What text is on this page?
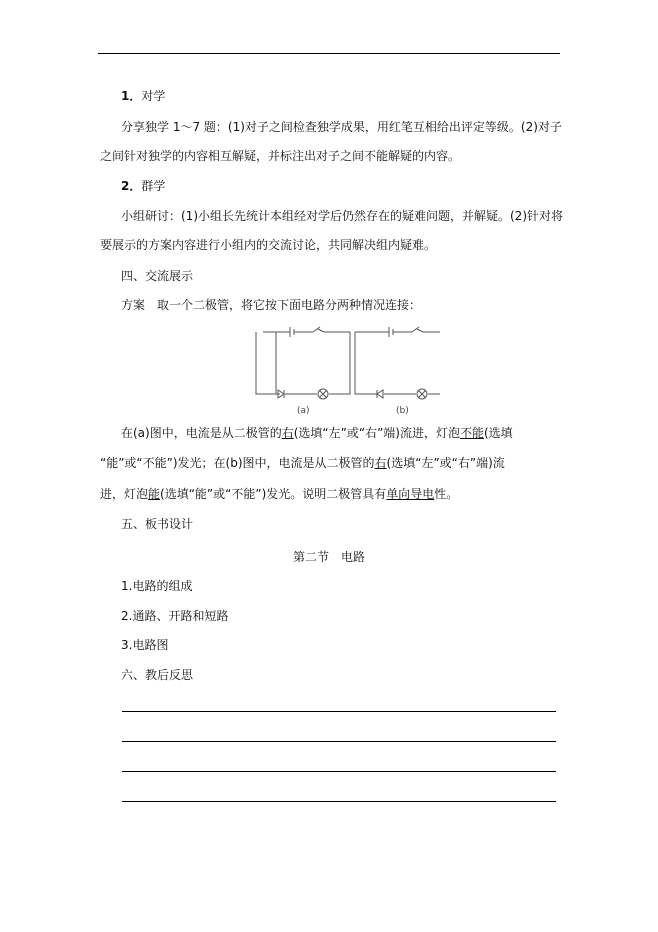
1．对学
分享独学 1～7 题：(1)对子之间检查独学成果，用红笔互相给出评定等级。(2)对子
之间针对独学的内容相互解疑，并标注出对子之间不能解疑的内容。
2．群学
小组研讨：(1)小组长先统计本组经对学后仍然存在的疑难问题，并解疑。(2)针对将
要展示的方案内容进行小组内的交流讨论，共同解决组内疑难。
四、交流展示
方案　取一个二极管，将它按下面电路分两种情况连接：
(a)	(b)
在(a)图中，电流是从二极管的右(选填“左”或“右”端)流进，灯泡不能(选填
“能”或“不能”)发光；在(b)图中，电流是从二极管的右(选填“左”或“右”端)流
进，灯泡能(选填“能”或“不能”)发光。说明二极管具有单向导电性。
五、板书设计
第二节　电路
1.电路的组成
2.通路、开路和短路
3.电路图
六、教后反思
